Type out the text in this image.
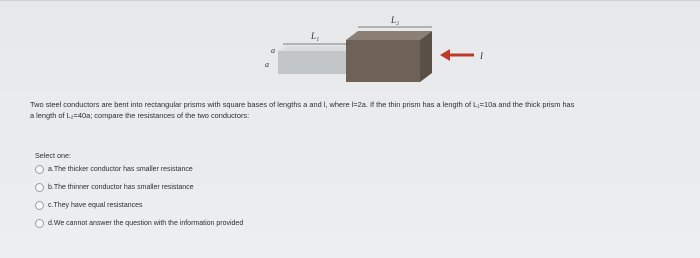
L₁
L₂
a
a
I
Two steel conductors are bent into rectangular prisms with square bases of lengths a and l, where l=2a. If the thin prism has a length of L₁=10a and the thick prism has
a length of L₂=40a; compare the resistances of the two conductors:
Select one:
a.The thicker conductor has smaller resistance
b.The thinner conductor has smaller resistance
c.They have equal resistances
d.We cannot answer the question with the information provided
